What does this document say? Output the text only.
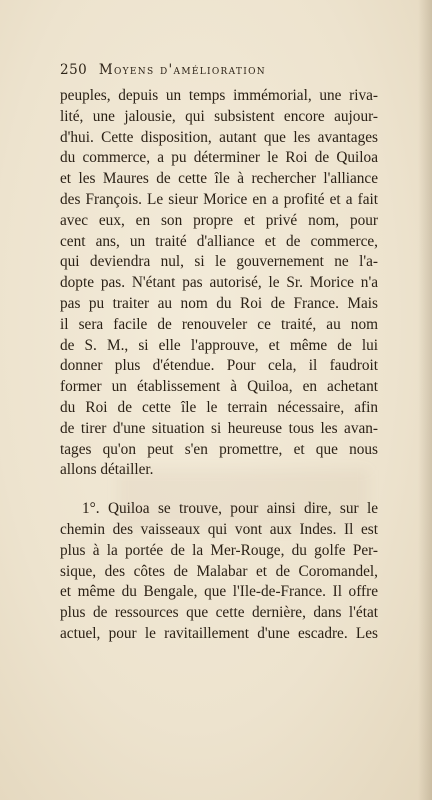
250 Moyens d'amélioration
peuples, depuis un temps immémorial, une riva-
lité, une jalousie, qui subsistent encore aujour-
d'hui. Cette disposition, autant que les avantages
du commerce, a pu déterminer le Roi de Quiloa
et les Maures de cette île à rechercher l'alliance
des François. Le sieur Morice en a profité et a fait
avec eux, en son propre et privé nom, pour
cent ans, un traité d'alliance et de commerce,
qui deviendra nul, si le gouvernement ne l'a-
dopte pas. N'étant pas autorisé, le Sr. Morice n'a
pas pu traiter au nom du Roi de France. Mais
il sera facile de renouveler ce traité, au nom
de S. M., si elle l'approuve, et même de lui
donner plus d'étendue. Pour cela, il faudroit
former un établissement à Quiloa, en achetant
du Roi de cette île le terrain nécessaire, afin
de tirer d'une situation si heureuse tous les avan-
tages qu'on peut s'en promettre, et que nous
allons détailler.
1°. Quiloa se trouve, pour ainsi dire, sur le
chemin des vaisseaux qui vont aux Indes. Il est
plus à la portée de la Mer-Rouge, du golfe Per-
sique, des côtes de Malabar et de Coromandel,
et même du Bengale, que l'Ile-de-France. Il offre
plus de ressources que cette dernière, dans l'état
actuel, pour le ravitaillement d'une escadre. Les
